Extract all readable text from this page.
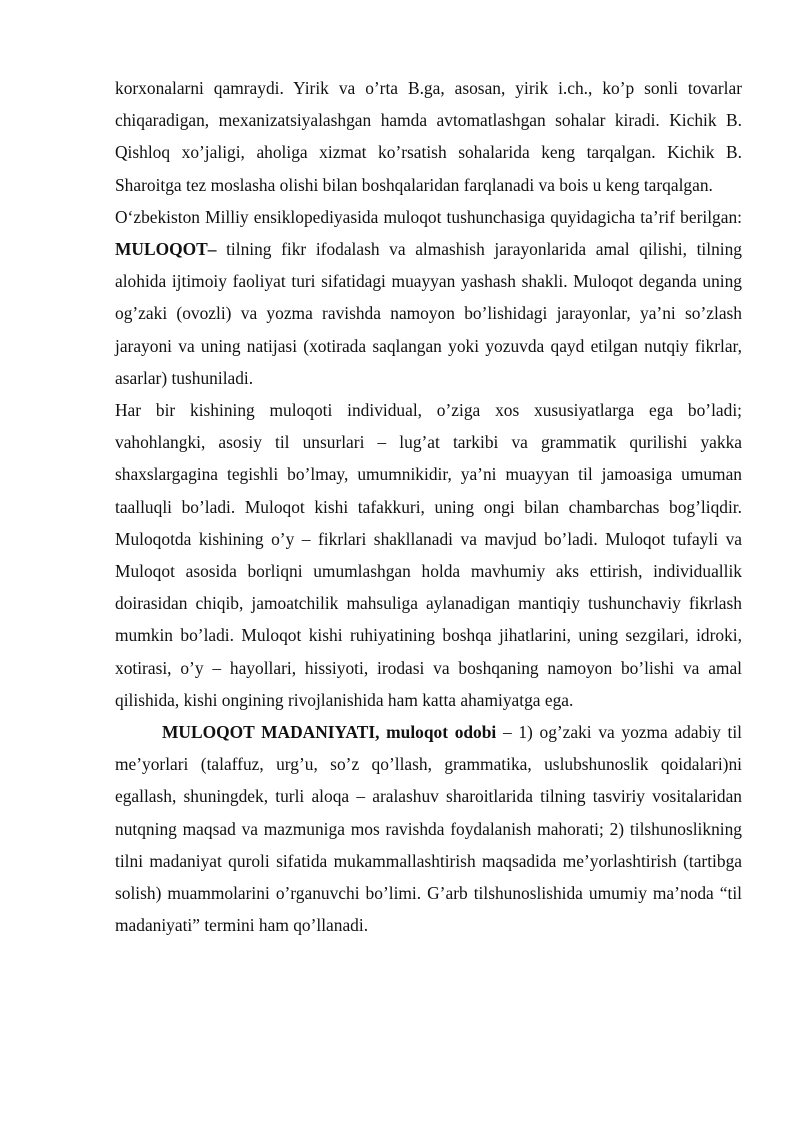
korxonalarni qamraydi. Yirik va o’rta B.ga, asosan, yirik i.ch., ko’p sonli tovarlar chiqaradigan, mexanizatsiyalashgan hamda avtomatlashgan sohalar kiradi. Kichik B. Qishloq xo’jaligi, aholiga xizmat ko’rsatish sohalarida keng tarqalgan. Kichik B. Sharoitga tez moslasha olishi bilan boshqalaridan farqlanadi va bois u keng tarqalgan.

O‘zbekiston Milliy ensiklopediyasida muloqot tushunchasiga quyidagicha ta’rif berilgan: MULOQOT– tilning fikr ifodalash va almashish jarayonlarida amal qilishi, tilning alohida ijtimoiy faoliyat turi sifatidagi muayyan yashash shakli. Muloqot deganda uning og’zaki (ovozli) va yozma ravishda namoyon bo’lishidagi jarayonlar, ya’ni so’zlash jarayoni va uning natijasi (xotirada saqlangan yoki yozuvda qayd etilgan nutqiy fikrlar, asarlar) tushuniladi.

Har bir kishining muloqoti individual, o’ziga xos xususiyatlarga ega bo’ladi; vahohlangki, asosiy til unsurlari – lug’at tarkibi va grammatik qurilishi yakka shaxslargagina tegishli bo’lmay, umumnikidir, ya’ni muayyan til jamoasiga umuman taalluqli bo’ladi. Muloqot kishi tafakkuri, uning ongi bilan chambarchas bog’liqdir. Muloqotda kishining o’y – fikrlari shakllanadi va mavjud bo’ladi. Muloqot tufayli va Muloqot asosida borliqni umumlashgan holda mavhumiy aks ettirish, individuallik doirasidan chiqib, jamoatchilik mahsuliga aylanadigan mantiqiy tushunchaviy fikrlash mumkin bo’ladi. Muloqot kishi ruhiyatining boshqa jihatlarini, uning sezgilari, idroki, xotirasi, o’y – hayollari, hissiyoti, irodasi va boshqaning namoyon bo’lishi va amal qilishida, kishi ongining rivojlanishida ham katta ahamiyatga ega.

MULOQOT MADANIYATI, muloqot odobi – 1) og’zaki va yozma adabiy til me’yorlari (talaffuz, urg’u, so’z qo’llash, grammatika, uslubshunoslik qoidalari)ni egallash, shuningdek, turli aloqa – aralashuv sharoitlarida tilning tasviriy vositalaridan nutqning maqsad va mazmuniga mos ravishda foydalanish mahorati; 2) tilshunoslikning tilni madaniyat quroli sifatida mukammallashtirish maqsadida me’yorlashtirish (tartibga solish) muammolarini o’rganuvchi bo’limi. G’arb tilshunoslishida umumiy ma’noda “til madaniyati” termini ham qo’llanadi.
